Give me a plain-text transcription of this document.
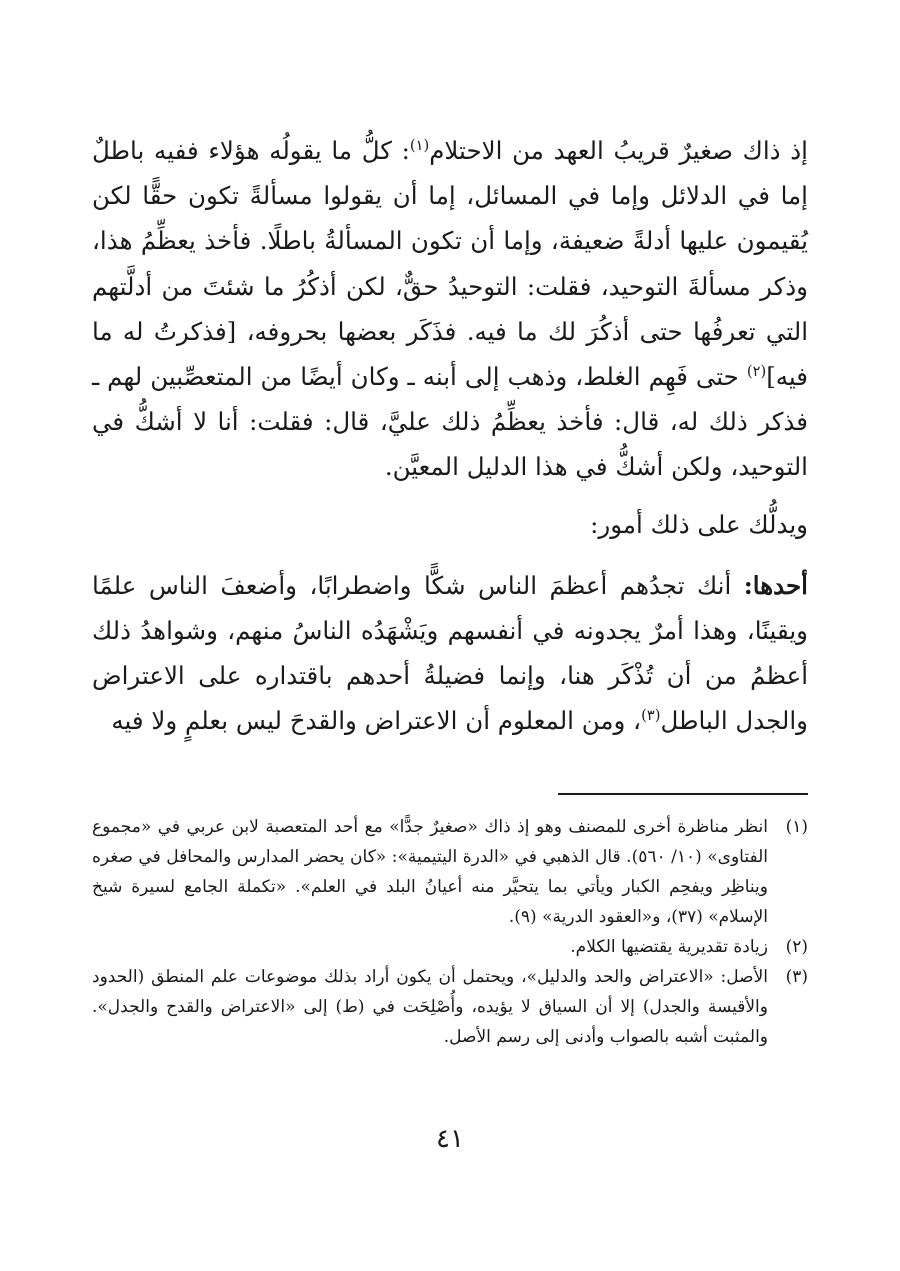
إذ ذاك صغيرٌ قريبُ العهد من الاحتلام$^{(١)}$: كلُّ ما يقولُه هؤلاء ففيه باطلٌ إما في الدلائل وإما في المسائل، إما أن يقولوا مسألةً تكون حقًّا لكن يُقيمون عليها أدلةً ضعيفة، وإما أن تكون المسألةُ باطلًا. فأخذ يعظِّمُ هذا، وذكر مسألةَ التوحيد، فقلت: التوحيدُ حقٌّ، لكن أذكُرُ ما شئتَ من أدلَّتهم التي تعرفُها حتى أذكُرَ لك ما فيه. فذَكَر بعضها بحروفه، [فذكرتُ له ما فيه]$^{(٢)}$ حتى فَهِم الغلط، وذهب إلى أبنه ـ وكان أيضًا من المتعصِّبين لهم ـ فذكر ذلك له، قال: فأخذ يعظِّمُ ذلك عليَّ، قال: فقلت: أنا لا أشكُّ في التوحيد، ولكن أشكُّ في هذا الدليل المعيَّن.

ويدلُّك على ذلك أمور:

أحدها: أنك تجدُهم أعظمَ الناس شكًّا واضطرابًا، وأضعفَ الناس علمًا ويقينًا، وهذا أمرٌ يجدونه في أنفسهم ويَشْهَدُه الناسُ منهم، وشواهدُ ذلك أعظمُ من أن تُذْكَر هنا، وإنما فضيلةُ أحدهم باقتداره على الاعتراض والجدل الباطل$^{(٣)}$، ومن المعلوم أن الاعتراض والقدحَ ليس بعلمٍ ولا فيه

(١)
انظر مناظرة أخرى للمصنف وهو إذ ذاك «صغيرٌ جدًّا» مع أحد المتعصبة لابن عربي في «مجموع الفتاوى» (١٠/ ٥٦٠). قال الذهبي في «الدرة اليتيمية»: «كان يحضر المدارس والمحافل في صغره ويناظِر ويفحِم الكبار ويأتي بما يتحيَّر منه أعيانُ البلد في العلم». «تكملة الجامع لسيرة شيخ الإسلام» (٣٧)، و«العقود الدرية» (٩).
(٢)
زيادة تقديرية يقتضيها الكلام.
(٣)
الأصل: «الاعتراض والحد والدليل»، ويحتمل أن يكون أراد بذلك موضوعات علم المنطق (الحدود والأقيسة والجدل) إلا أن السياق لا يؤيده، وأُصْلِحَت في (ط) إلى «الاعتراض والقدح والجدل». والمثبت أشبه بالصواب وأدنى إلى رسم الأصل.
٤١
